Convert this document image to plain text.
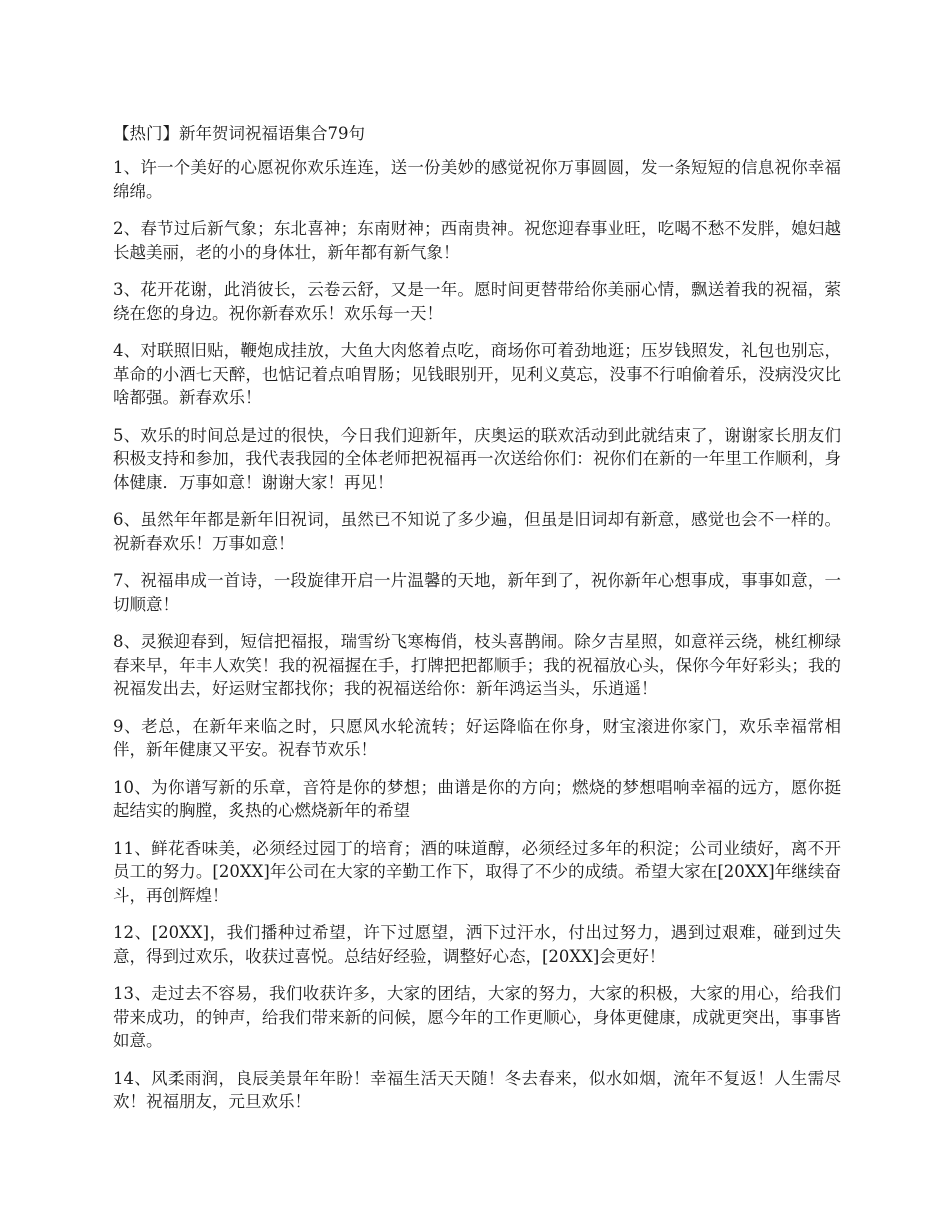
【热门】新年贺词祝福语集合79句

1、许一个美好的心愿祝你欢乐连连，送一份美妙的感觉祝你万事圆圆，发一条短短的信息祝你幸福绵绵。

2、春节过后新气象；东北喜神；东南财神；西南贵神。祝您迎春事业旺，吃喝不愁不发胖，媳妇越长越美丽，老的小的身体壮，新年都有新气象！

3、花开花谢，此消彼长，云卷云舒，又是一年。愿时间更替带给你美丽心情，飘送着我的祝福，萦绕在您的身边。祝你新春欢乐！欢乐每一天！

4、对联照旧贴，鞭炮成挂放，大鱼大肉悠着点吃，商场你可着劲地逛；压岁钱照发，礼包也别忘，革命的小酒七天醉，也惦记着点咱胃肠；见钱眼别开，见利义莫忘，没事不行咱偷着乐，没病没灾比啥都强。新春欢乐！

5、欢乐的时间总是过的很快，今日我们迎新年，庆奥运的联欢活动到此就结束了，谢谢家长朋友们积极支持和参加，我代表我园的全体老师把祝福再一次送给你们：祝你们在新的一年里工作顺利，身体健康．万事如意！谢谢大家！再见！

6、虽然年年都是新年旧祝词，虽然已不知说了多少遍，但虽是旧词却有新意，感觉也会不一样的。祝新春欢乐！万事如意！

7、祝福串成一首诗，一段旋律开启一片温馨的天地，新年到了，祝你新年心想事成，事事如意，一切顺意！

8、灵猴迎春到，短信把福报，瑞雪纷飞寒梅俏，枝头喜鹊闹。除夕吉星照，如意祥云绕，桃红柳绿春来早，年丰人欢笑！我的祝福握在手，打牌把把都顺手；我的祝福放心头，保你今年好彩头；我的祝福发出去，好运财宝都找你；我的祝福送给你：新年鸿运当头，乐逍遥！

9、老总，在新年来临之时，只愿风水轮流转；好运降临在你身，财宝滚进你家门，欢乐幸福常相伴，新年健康又平安。祝春节欢乐！

10、为你谱写新的乐章，音符是你的梦想；曲谱是你的方向；燃烧的梦想唱响幸福的远方，愿你挺起结实的胸膛，炙热的心燃烧新年的希望

11、鲜花香味美，必须经过园丁的培育；酒的味道醇，必须经过多年的积淀；公司业绩好，离不开员工的努力。[20XX]年公司在大家的辛勤工作下，取得了不少的成绩。希望大家在[20XX]年继续奋斗，再创辉煌！

12、[20XX]，我们播种过希望，许下过愿望，洒下过汗水，付出过努力，遇到过艰难，碰到过失意，得到过欢乐，收获过喜悦。总结好经验，调整好心态，[20XX]会更好！

13、走过去不容易，我们收获许多，大家的团结，大家的努力，大家的积极，大家的用心，给我们带来成功，的钟声，给我们带来新的问候，愿今年的工作更顺心，身体更健康，成就更突出，事事皆如意。

14、风柔雨润，良辰美景年年盼！幸福生活天天随！冬去春来，似水如烟，流年不复返！人生需尽欢！祝福朋友，元旦欢乐！
